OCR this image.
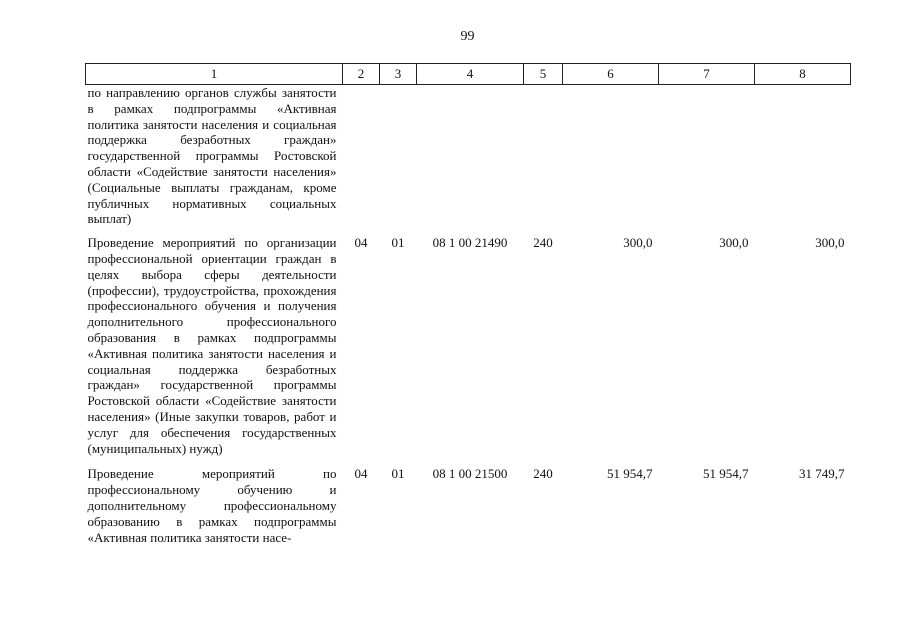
99
1	2	3	4	5	6	7	8
по направлению органов службы занятости в рамках подпрограммы «Активная политика занятости населения и социальная поддержка безработных граждан» государственной программы Ростовской области «Содействие занятости населения» (Социальные выплаты гражданам, кроме публичных нормативных социальных выплат)							
Проведение мероприятий по организации профессиональной ориентации граждан в целях выбора сферы деятельности (профессии), трудоустройства, прохождения профессионального обучения и получения дополнительного профессионального образования в рамках подпрограммы «Активная политика занятости населения и социальная поддержка безработных граждан» государственной программы Ростовской области «Содействие занятости населения» (Иные закупки товаров, работ и услуг для обеспечения государственных (муниципальных) нужд)	04	01	08 1 00 21490	240	300,0	300,0	300,0
Проведение мероприятий по профессиональному обучению и дополнительному профессиональному образованию в рамках подпрограммы «Активная политика занятости насе-	04	01	08 1 00 21500	240	51 954,7	51 954,7	31 749,7
